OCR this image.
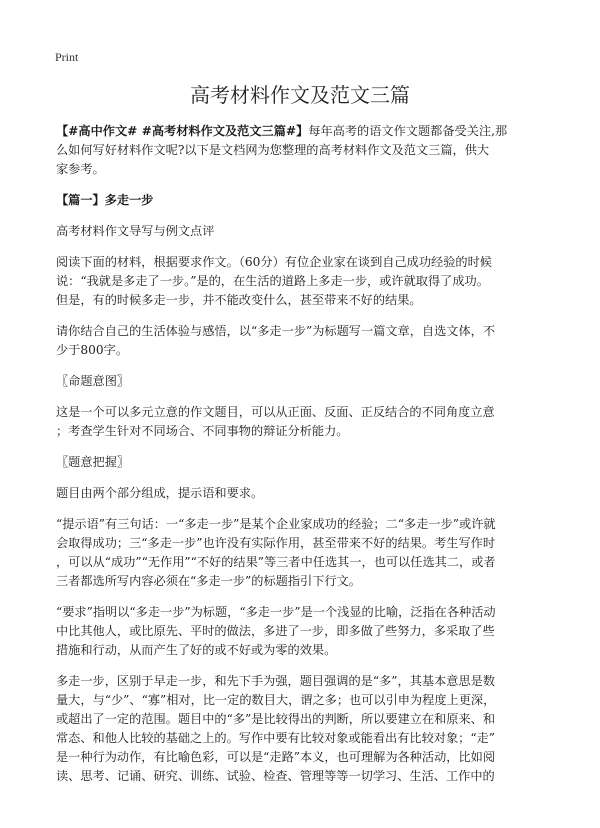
Print
高考材料作文及范文三篇

【#高中作文# #高考材料作文及范文三篇#】每年高考的语文作文题都备受关注,那
么如何写好材料作文呢?以下是文档网为您整理的高考材料作文及范文三篇，供大
家参考。

【篇一】多走一步

高考材料作文导写与例文点评

阅读下面的材料，根据要求作文。（60分）有位企业家在谈到自己成功经验的时候
说：“我就是多走了一步。”是的，在生活的道路上多走一步，或许就取得了成功。
但是，有的时候多走一步，并不能改变什么，甚至带来不好的结果。

请你结合自己的生活体验与感悟，以“多走一步”为标题写一篇文章，自选文体，不
少于800字。

〖命题意图〗

这是一个可以多元立意的作文题目，可以从正面、反面、正反结合的不同角度立意
；考查学生针对不同场合、不同事物的辩证分析能力。

〖题意把握〗

题目由两个部分组成，提示语和要求。

“提示语”有三句话：一“多走一步”是某个企业家成功的经验；二“多走一步”或许就
会取得成功；三“多走一步”也许没有实际作用，甚至带来不好的结果。考生写作时
，可以从“成功”“无作用”“不好的结果”等三者中任选其一，也可以任选其二，或者
三者都选所写内容必须在“多走一步”的标题指引下行文。

“要求”指明以“多走一步”为标题，“多走一步”是一个浅显的比喻，泛指在各种活动
中比其他人，或比原先、平时的做法，多进了一步，即多做了些努力，多采取了些
措施和行动，从而产生了好的或不好或为零的效果。

多走一步，区别于早走一步，和先下手为强，题目强调的是“多”，其基本意思是数
量大，与“少”、“寡”相对，比一定的数目大，谓之多；也可以引申为程度上更深，
或超出了一定的范围。题目中的“多”是比较得出的判断，所以要建立在和原来、和
常态、和他人比较的基础之上的。写作中要有比较对象或能看出有比较对象；“走”
是一种行为动作，有比喻色彩，可以是“走路”本义，也可理解为各种活动，比如阅
读、思考、记诵、研究、训练、试验、检查、管理等等一切学习、生活、工作中的
